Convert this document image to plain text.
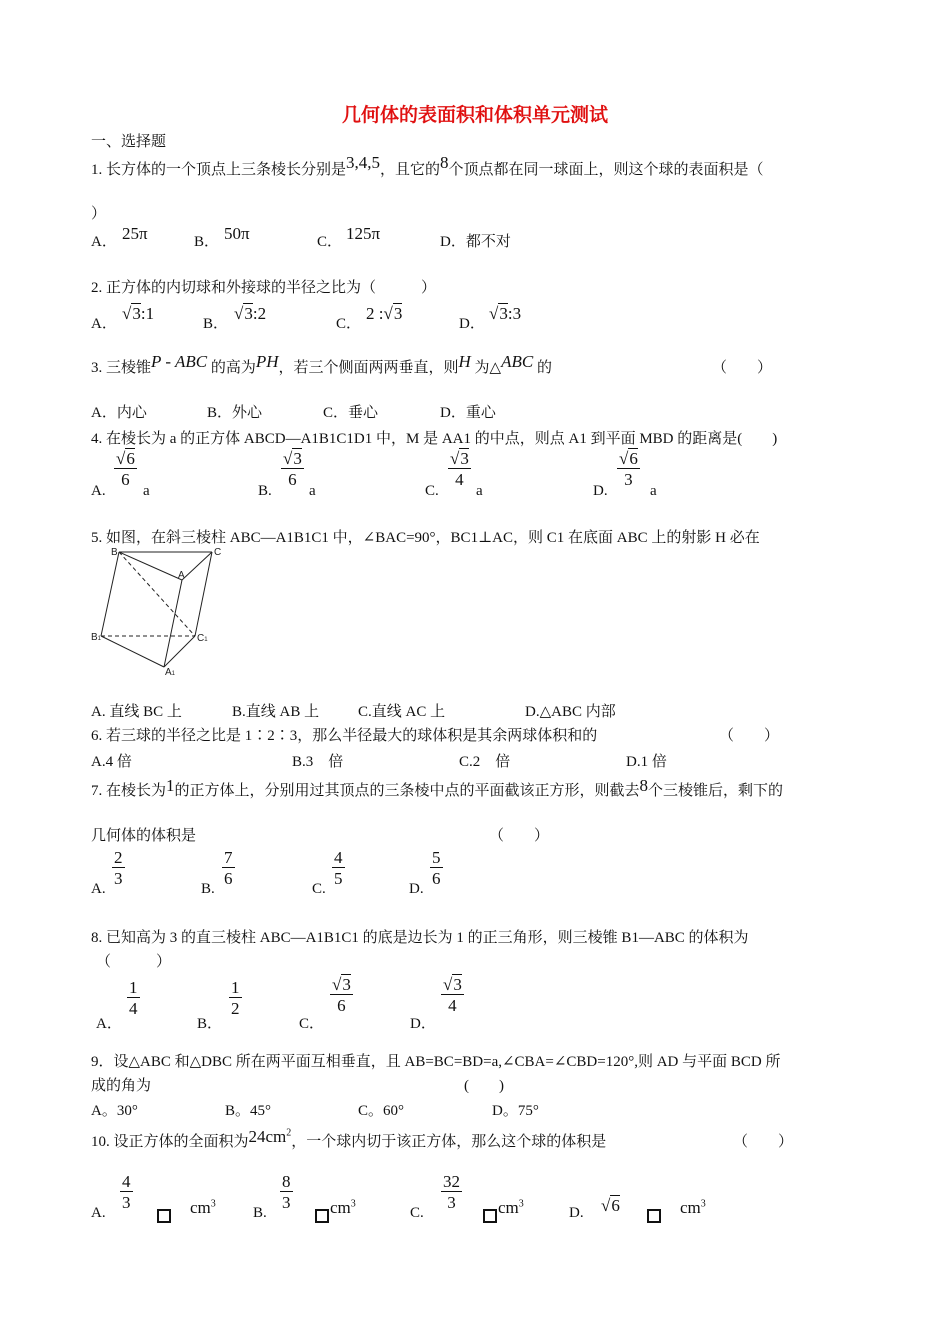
几何体的表面积和体积单元测试
一、选择题
1. 长方体的一个顶点上三条棱长分别是3,4,5，且它的8个顶点都在同一球面上，则这个球的表面积是（
）
A． 25π	B． 50π	C． 125π	D．都不对
2. 正方体的内切球和外接球的半径之比为（　　　）
A．
√3:1
B．
√3:2
C．
2 :√3
D．
√3:3
3. 三棱锥P - ABC 的高为PH，若三个侧面两两垂直，则H 为△ABC 的	（　　）
A．内心	B．外心	C．垂心	D．重心
4. 在棱长为 a 的正方体 ABCD—A1B1C1D1 中，M 是 AA1 的中点，则点 A1 到平面 MBD 的距离是(　　)
A.
$\frac{√6}{6}$
a	B.
$\frac{√3}{6}$
a	C.
$\frac{√3}{4}$
a	D.
$\frac{√6}{3}$
a
5. 如图，在斜三棱柱 ABC—A1B1C1 中，∠BAC=90°，BC1⊥AC，则 C1 在底面 ABC 上的射影 H 必在
B	C
A
B1	C1
A1
A. 直线 BC 上	B.直线 AB 上	C.直线 AC 上	D.△ABC 内部
6. 若三球的半径之比是 1∶2∶3，那么半径最大的球体积是其余两球体积和的	（　　）
A.4 倍	B.3　倍	C.2　倍	D.1 倍
7. 在棱长为1的正方体上，分别用过其顶点的三条棱中点的平面截该正方形，则截去8个三棱锥后，剩下的
几何体的体积是	（　　）
A.
$\frac{2}{3}$
B.
$\frac{7}{6}$
C.
$\frac{4}{5}$
D.
$\frac{5}{6}$
8. 已知高为 3 的直三棱柱 ABC—A1B1C1 的底是边长为 1 的正三角形，则三棱锥 B1—ABC 的体积为
（　　　）
A．
$\frac{1}{4}$
B．
$\frac{1}{2}$
C．
$\frac{√3}{6}$
D．
$\frac{√3}{4}$
9．设△ABC 和△DBC 所在两平面互相垂直，且 AB=BC=BD=a,∠CBA=∠CBD=120°,则 AD 与平面 BCD 所
成的角为	(　　)
A。30°	B。45°	C。60°	D。75°
10. 设正方体的全面积为$24cm^2$，一个球内切于该正方体，那么这个球的体积是	（　　）
A.
$\frac{4}{3}$	$cm^3$
B.
$\frac{8}{3} cm^3$
C.
$\frac{32}{3} cm^3$
D. √6	$cm^3$
